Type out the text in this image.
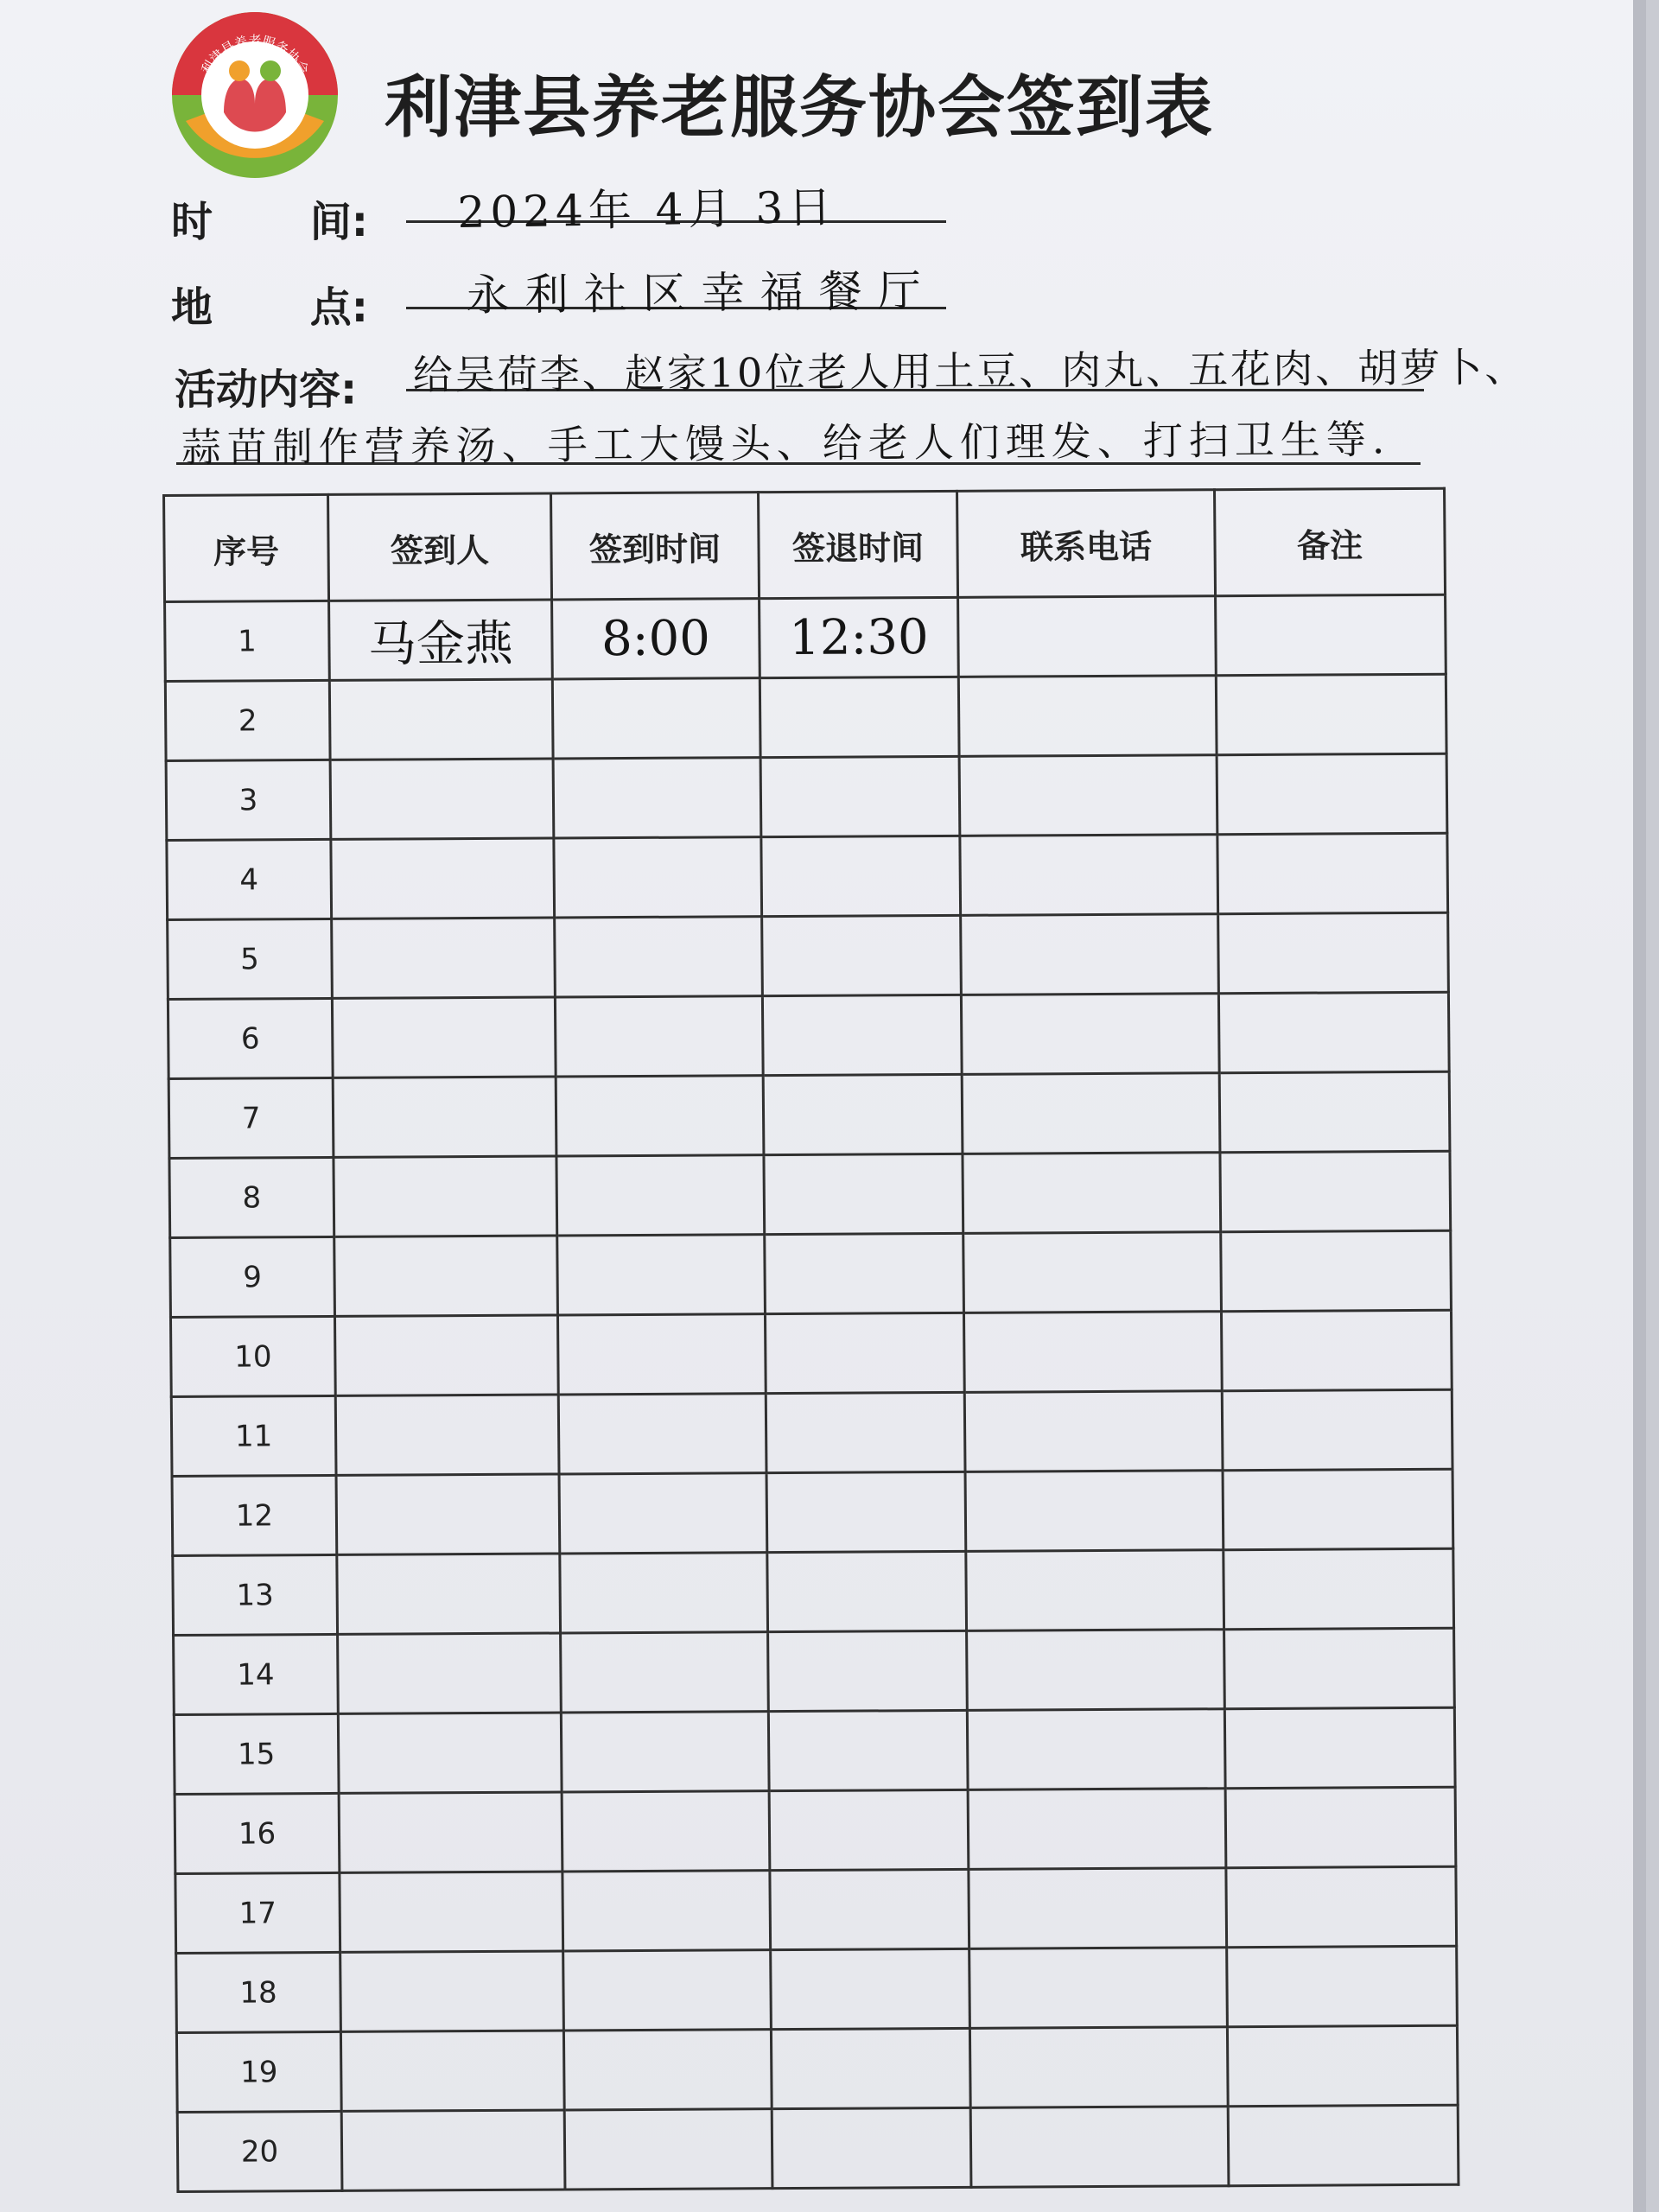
利津县养老服务协会
利津县养老服务协会签到表
时 间: 2024年 4月 3日
地 点: 永利社区幸福餐厅
活动内容: 给吴荷李、赵家10位老人用土豆、肉丸、五花肉、胡萝卜、
蒜苗制作营养汤、手工大馒头、给老人们理发、打扫卫生等.
序号	签到人	签到时间	签退时间	联系电话	备注
1	马金燕	8:00	12:30		
2					
3					
4					
5					
6					
7					
8					
9					
10					
11					
12					
13					
14					
15					
16					
17					
18					
19					
20					
